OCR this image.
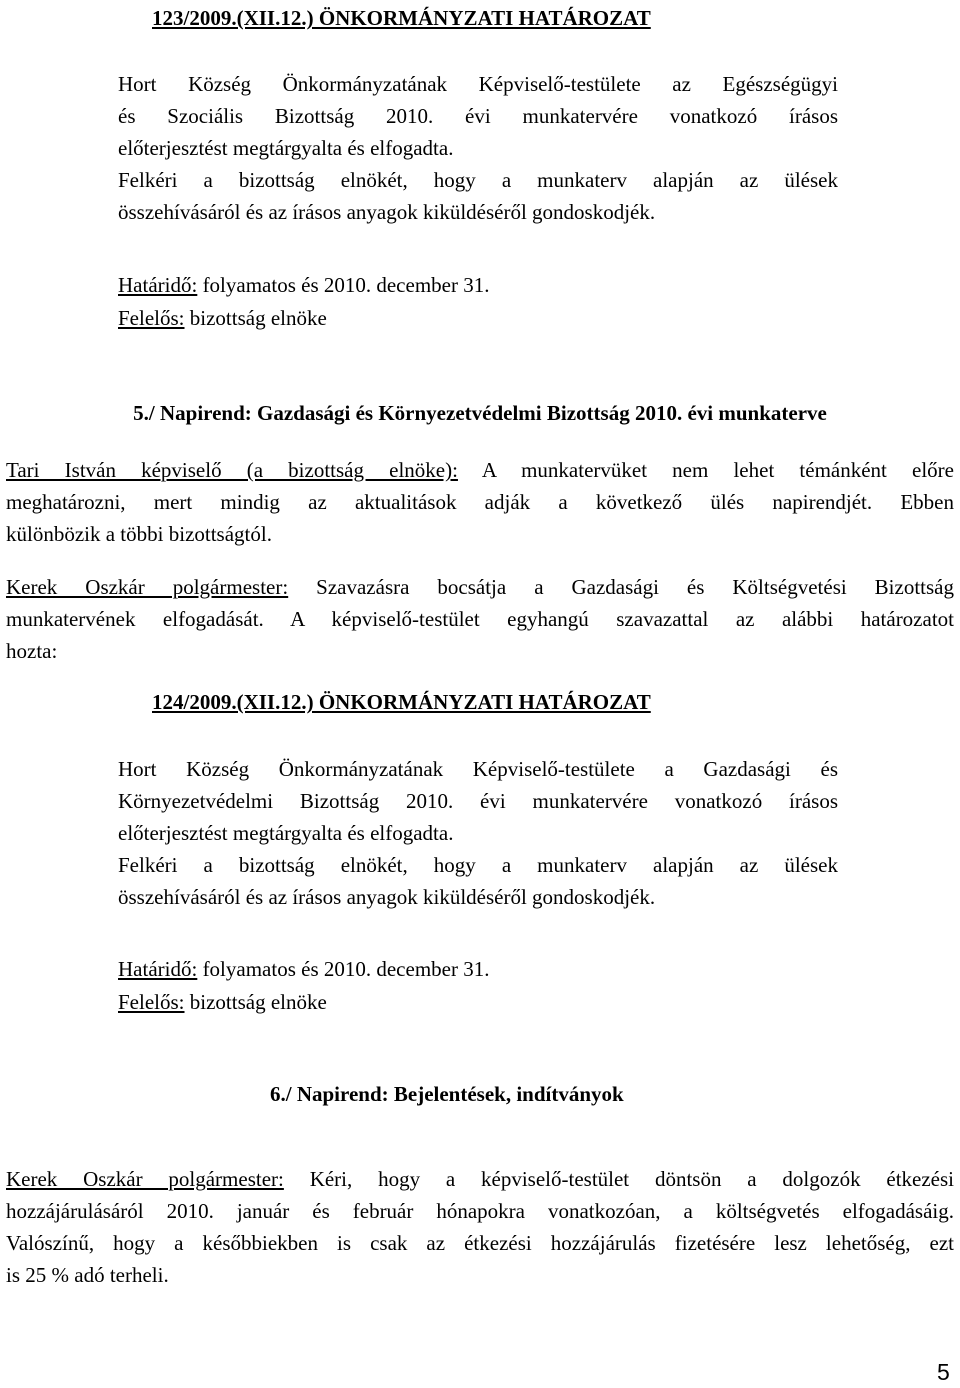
123/2009.(XII.12.) ÖNKORMÁNYZATI HATÁROZAT
Hort Község Önkormányzatának Képviselő-testülete az Egészségügyi
és Szociális Bizottság 2010. évi munkatervére vonatkozó írásos
előterjesztést megtárgyalta és elfogadta.
Felkéri a bizottság elnökét, hogy a munkaterv alapján az ülések
összehívásáról és az írásos anyagok kiküldéséről gondoskodjék.
Határidő: folyamatos és 2010. december 31.
Felelős: bizottság elnöke
5./ Napirend: Gazdasági és Környezetvédelmi Bizottság 2010. évi munkaterve
Tari István képviselő (a bizottság elnöke): A munkatervüket nem lehet témánként előre
meghatározni, mert mindig az aktualitások adják a következő ülés napirendjét. Ebben
különbözik a többi bizottságtól.
Kerek Oszkár polgármester: Szavazásra bocsátja a Gazdasági és Költségvetési Bizottság
munkatervének elfogadását. A képviselő-testület egyhangú szavazattal az alábbi határozatot
hozta:
124/2009.(XII.12.) ÖNKORMÁNYZATI HATÁROZAT
Hort Község Önkormányzatának Képviselő-testülete a Gazdasági és
Környezetvédelmi Bizottság 2010. évi munkatervére vonatkozó írásos
előterjesztést megtárgyalta és elfogadta.
Felkéri a bizottság elnökét, hogy a munkaterv alapján az ülések
összehívásáról és az írásos anyagok kiküldéséről gondoskodjék.
Határidő: folyamatos és 2010. december 31.
Felelős: bizottság elnöke
6./ Napirend: Bejelentések, indítványok
Kerek Oszkár polgármester: Kéri, hogy a képviselő-testület döntsön a dolgozók étkezési
hozzájárulásáról 2010. január és február hónapokra vonatkozóan, a költségvetés elfogadásáig.
Valószínű, hogy a későbbiekben is csak az étkezési hozzájárulás fizetésére lesz lehetőség, ezt
is 25 % adó terheli.
5
